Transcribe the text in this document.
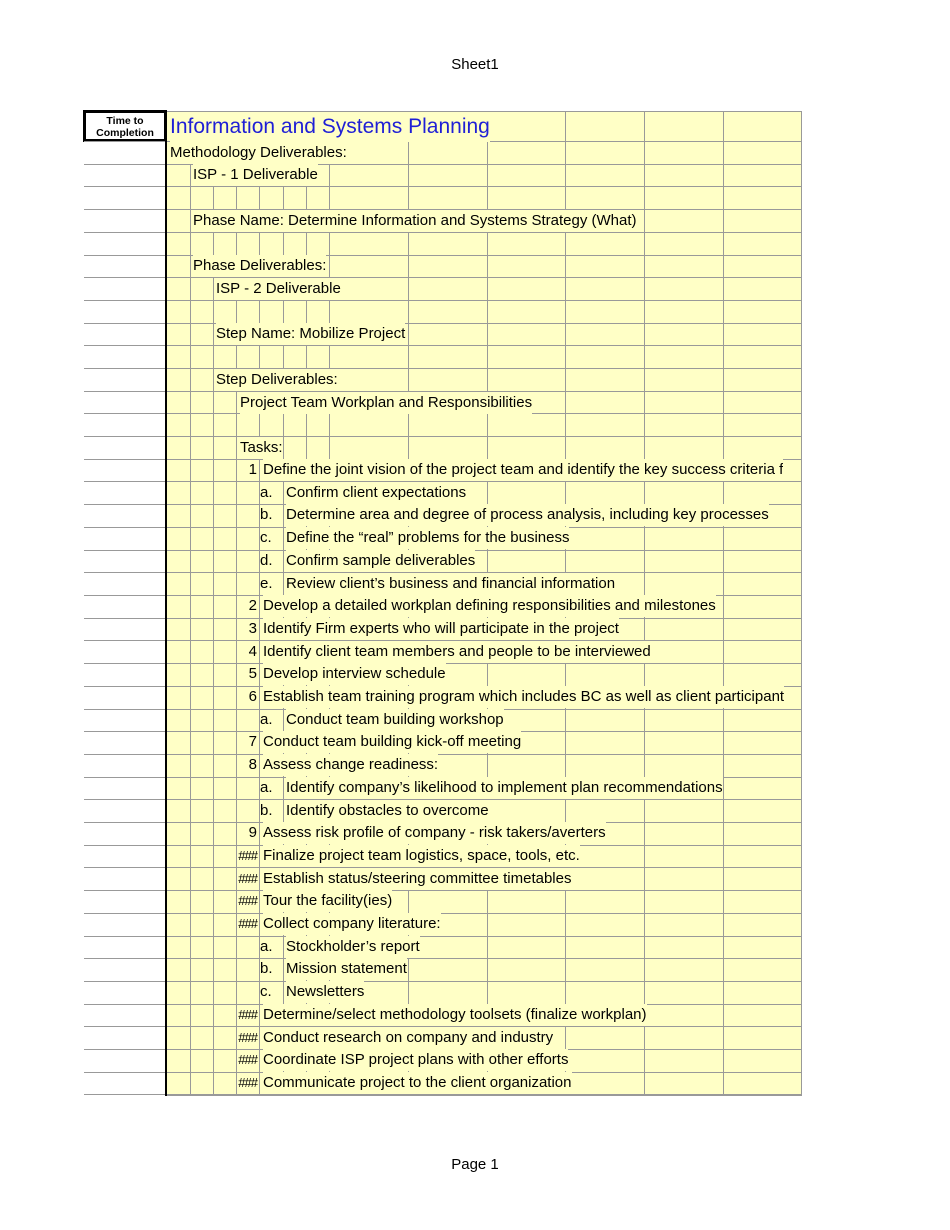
Sheet1
Time to
Completion Information and Systems Planning
Methodology Deliverables:
ISP - 1 Deliverable
Phase Name: Determine Information and Systems Strategy (What)
Phase Deliverables:
ISP - 2 Deliverable
Step Name: Mobilize Project
Step Deliverables:
Project Team Workplan and Responsibilities
Tasks:
1 Define the joint vision of the project team and identify the key success criteria f
a. Confirm client expectations
b. Determine area and degree of process analysis, including key processes
c. Define the “real” problems for the business
d. Confirm sample deliverables
e. Review client’s business and financial information
2 Develop a detailed workplan defining responsibilities and milestones
3 Identify Firm experts who will participate in the project
4 Identify client team members and people to be interviewed
5 Develop interview schedule
6 Establish team training program which includes BC as well as client participant
a. Conduct team building workshop
7 Conduct team building kick-off meeting
8 Assess change readiness:
a. Identify company’s likelihood to implement plan recommendations
b. Identify obstacles to overcome
9 Assess risk profile of company - risk takers/averters
### Finalize project team logistics, space, tools, etc.
### Establish status/steering committee timetables
### Tour the facility(ies)
### Collect company literature:
a. Stockholder’s report
b. Mission statement
c. Newsletters
### Determine/select methodology toolsets (finalize workplan)
### Conduct research on company and industry
### Coordinate ISP project plans with other efforts
### Communicate project to the client organization
Page 1
